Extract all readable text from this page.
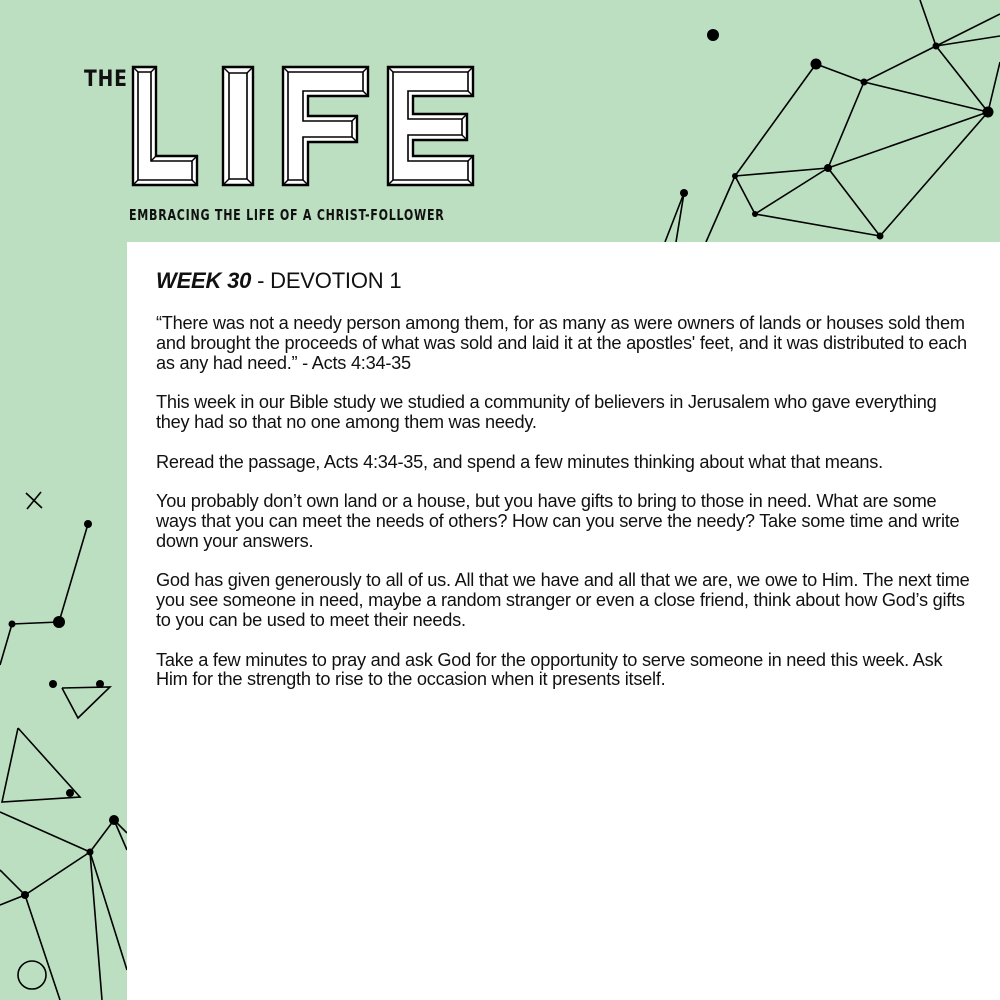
THE
EMBRACING THE LIFE OF A CHRIST-FOLLOWER
WEEK 30 - DEVOTION 1

“There was not a needy person among them, for as many as were owners of lands or houses sold them and brought the proceeds of what was sold and laid it at the apostles' feet, and it was distributed to each as any had need.” - Acts 4:34-35

This week in our Bible study we studied a community of believers in Jerusalem who gave everything they had so that no one among them was needy.

Reread the passage, Acts 4:34-35, and spend a few minutes thinking about what that means.

You probably don’t own land or a house, but you have gifts to bring to those in need. What are some ways that you can meet the needs of others? How can you serve the needy? Take some time and write down your answers.

God has given generously to all of us. All that we have and all that we are, we owe to Him. The next time you see someone in need, maybe a random stranger or even a close friend, think about how God’s gifts to you can be used to meet their needs.

Take a few minutes to pray and ask God for the opportunity to serve someone in need this week. Ask Him for the strength to rise to the occasion when it presents itself.
